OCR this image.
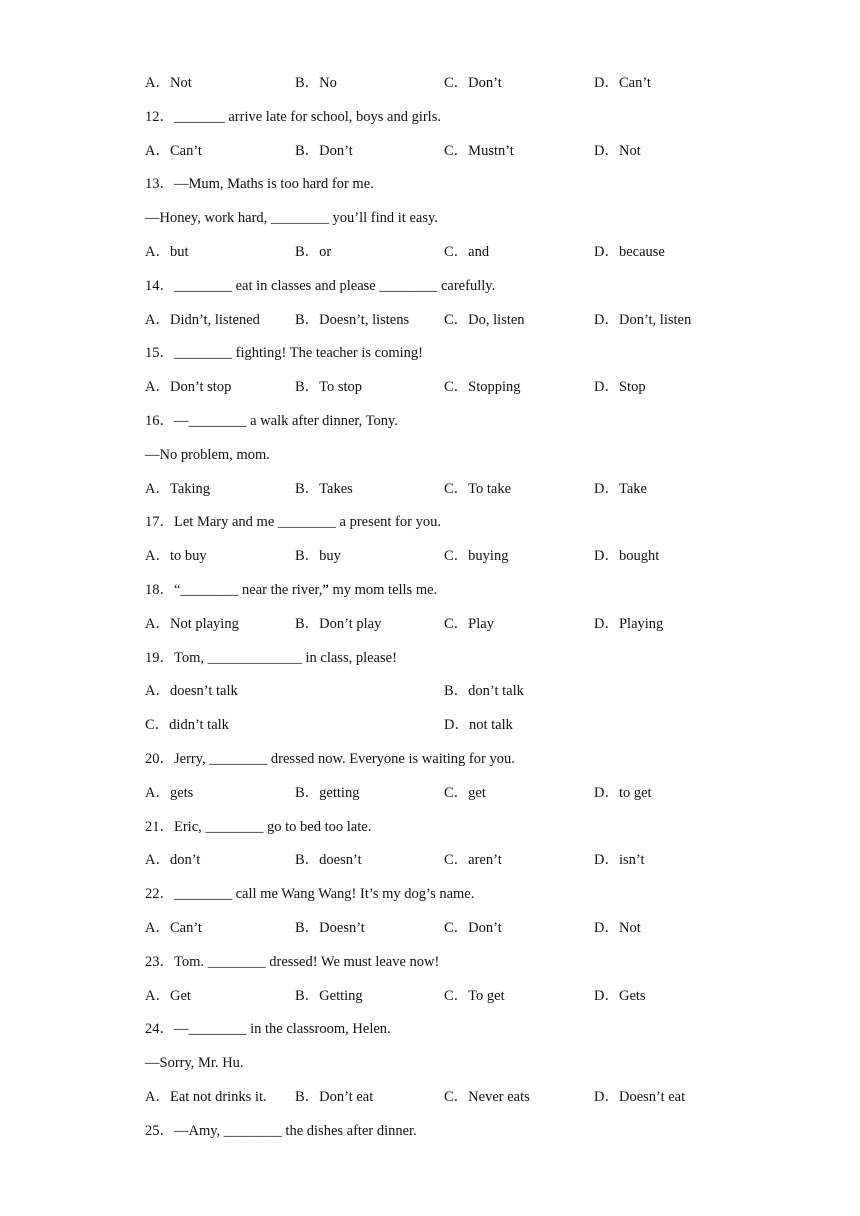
A．Not	B．No	C．Don’t	D．Can’t
12．_______ arrive late for school, boys and girls.
A．Can’t	B．Don’t	C．Mustn’t	D．Not
13．—Mum, Maths is too hard for me.
—Honey, work hard, ________ you’ll find it easy.
A．but	B．or	C．and	D．because
14．________ eat in classes and please ________ carefully.
A．Didn’t, listened B．Doesn’t, listens C．Do, listen	D．Don’t, listen
15．________ fighting! The teacher is coming!
A．Don’t stop	B．To stop	C．Stopping	D．Stop
16．—________ a walk after dinner, Tony.
—No problem, mom.
A．Taking	B．Takes	C．To take	D．Take
17．Let Mary and me ________ a present for you.
A．to buy	B．buy	C．buying	D．bought
18．“________ near the river,” my mom tells me.
A．Not playing	B．Don’t play	C．Play	D．Playing
19．Tom, _____________ in class, please!
A．doesn’t talk	B．don’t talk
C．didn’t talk	D．not talk
20．Jerry, ________ dressed now. Everyone is waiting for you.
A．gets	B．getting	C．get	D．to get
21．Eric, ________ go to bed too late.
A．don’t	B．doesn’t	C．aren’t	D．isn’t
22．________ call me Wang Wang! It’s my dog’s name.
A．Can’t	B．Doesn’t	C．Don’t	D．Not
23．Tom. ________ dressed! We must leave now!
A．Get	B．Getting	C．To get	D．Gets
24．—________ in the classroom, Helen.
—Sorry, Mr. Hu.
A．Eat not drinks it. B．Don’t eat	C．Never eats	D．Doesn’t eat
25．—Amy, ________ the dishes after dinner.
